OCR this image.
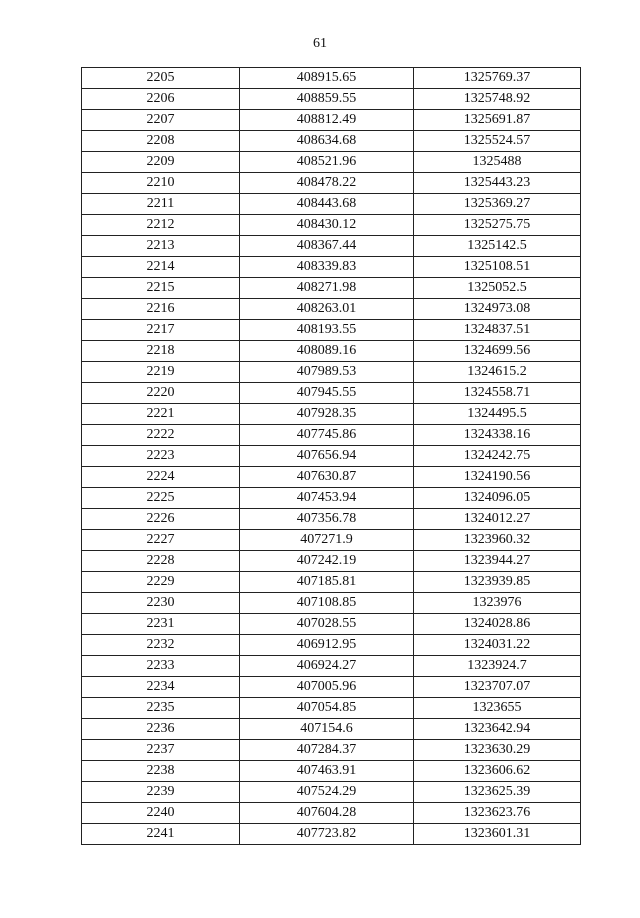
61
2205	408915.65	1325769.37
2206	408859.55	1325748.92
2207	408812.49	1325691.87
2208	408634.68	1325524.57
2209	408521.96	1325488
2210	408478.22	1325443.23
2211	408443.68	1325369.27
2212	408430.12	1325275.75
2213	408367.44	1325142.5
2214	408339.83	1325108.51
2215	408271.98	1325052.5
2216	408263.01	1324973.08
2217	408193.55	1324837.51
2218	408089.16	1324699.56
2219	407989.53	1324615.2
2220	407945.55	1324558.71
2221	407928.35	1324495.5
2222	407745.86	1324338.16
2223	407656.94	1324242.75
2224	407630.87	1324190.56
2225	407453.94	1324096.05
2226	407356.78	1324012.27
2227	407271.9	1323960.32
2228	407242.19	1323944.27
2229	407185.81	1323939.85
2230	407108.85	1323976
2231	407028.55	1324028.86
2232	406912.95	1324031.22
2233	406924.27	1323924.7
2234	407005.96	1323707.07
2235	407054.85	1323655
2236	407154.6	1323642.94
2237	407284.37	1323630.29
2238	407463.91	1323606.62
2239	407524.29	1323625.39
2240	407604.28	1323623.76
2241	407723.82	1323601.31
